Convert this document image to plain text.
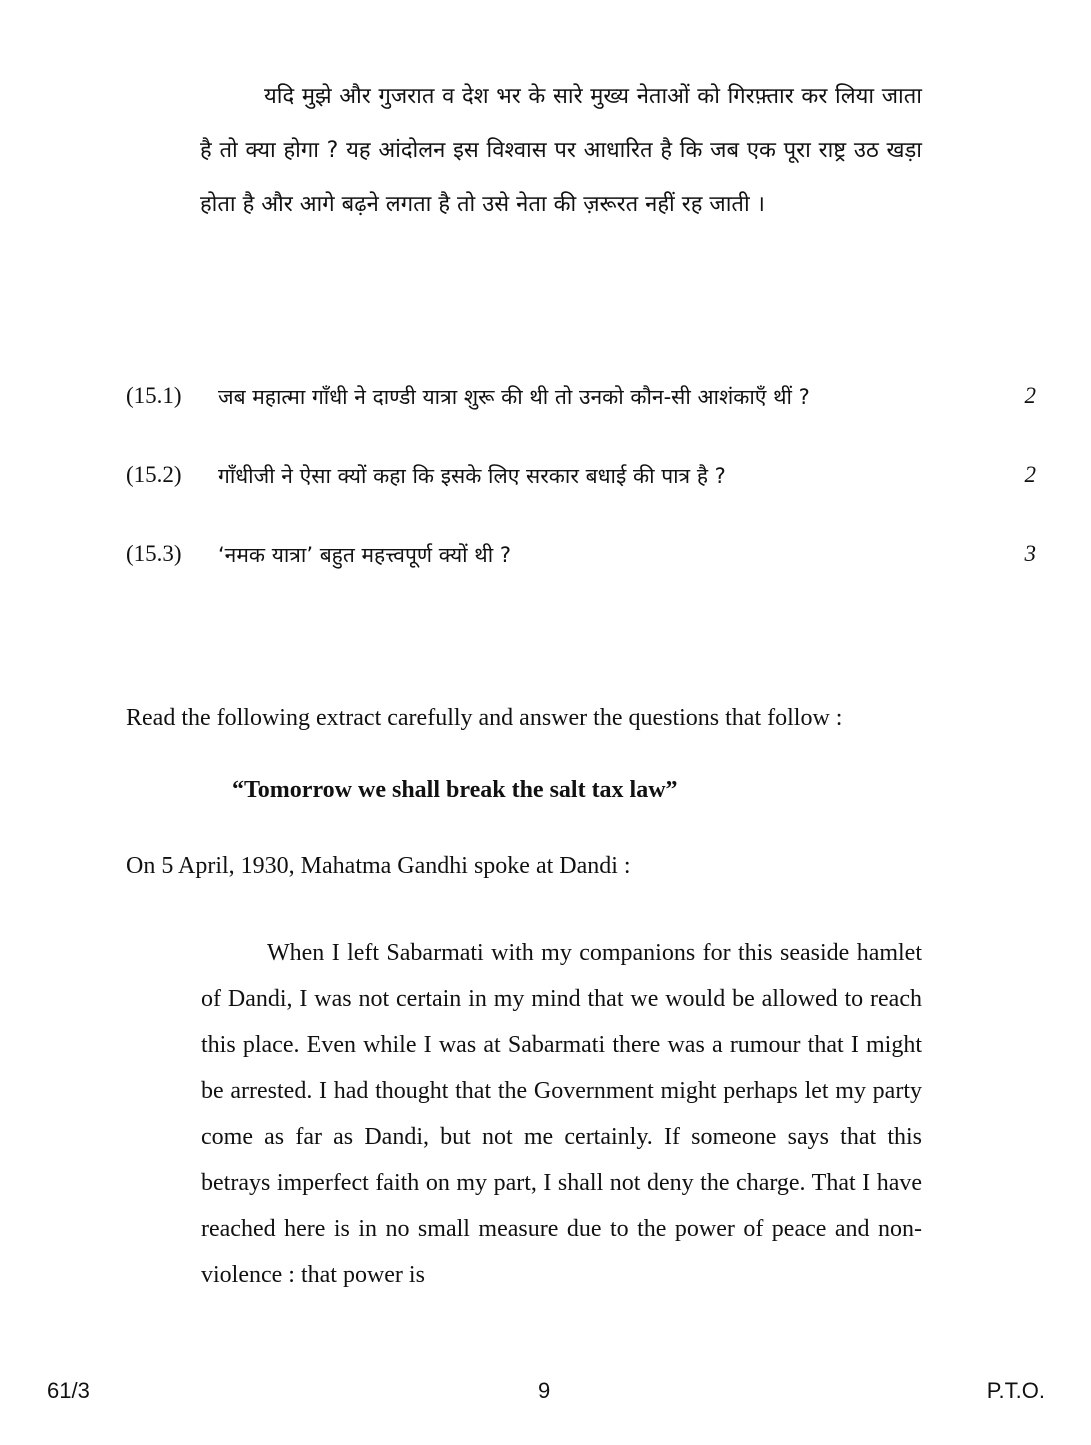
यदि मुझे और गुजरात व देश भर के सारे मुख्य नेताओं को गिरफ़्तार कर लिया जाता है तो क्या होगा ? यह आंदोलन इस विश्वास पर आधारित है कि जब एक पूरा राष्ट्र उठ खड़ा होता है और आगे बढ़ने लगता है तो उसे नेता की ज़रूरत नहीं रह जाती ।

(15.1) जब महात्मा गाँधी ने दाण्डी यात्रा शुरू की थी तो उनको कौन-सी आशंकाएँ थीं ?	2
(15.2) गाँधीजी ने ऐसा क्यों कहा कि इसके लिए सरकार बधाई की पात्र है ?	2
(15.3) ‘नमक यात्रा’ बहुत महत्त्वपूर्ण क्यों थी ?	3

Read the following extract carefully and answer the questions that follow :

“Tomorrow we shall break the salt tax law”

On 5 April, 1930, Mahatma Gandhi spoke at Dandi :

When I left Sabarmati with my companions for this seaside hamlet of Dandi, I was not certain in my mind that we would be allowed to reach this place. Even while I was at Sabarmati there was a rumour that I might be arrested. I had thought that the Government might perhaps let my party come as far as Dandi, but not me certainly. If someone says that this betrays imperfect faith on my part, I shall not deny the charge. That I have reached here is in no small measure due to the power of peace and non-violence : that power is

61/3	9	P.T.O.
